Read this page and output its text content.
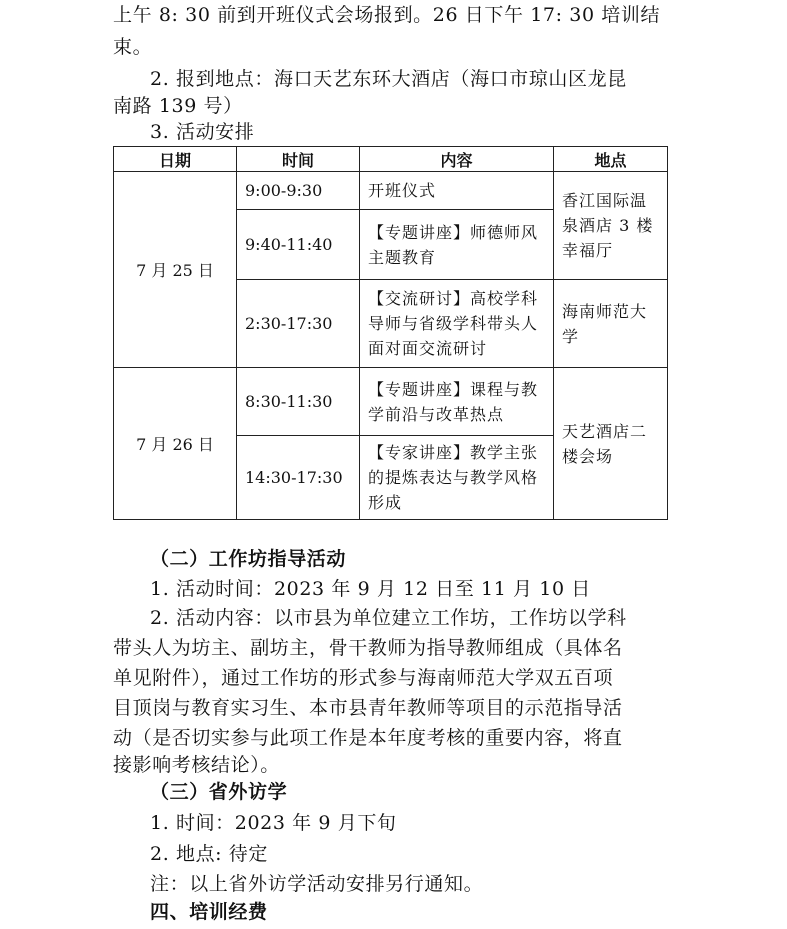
上午 8: 30 前到开班仪式会场报到。26 日下午 17: 30 培训结
束。
2. 报到地点：海口天艺东环大酒店（海口市琼山区龙昆
南路 139 号）
3. 活动安排
日期	时间	内容	地点
7 月 25 日	9:00-9:30	开班仪式	香江国际温泉酒店 3 楼幸福厅
	9:40-11:40	【专题讲座】师德师风主题教育	
	2:30-17:30	【交流研讨】高校学科导师与省级学科带头人面对面交流研讨	海南师范大学
7 月 26 日	8:30-11:30	【专题讲座】课程与教学前沿与改革热点	天艺酒店二楼会场
	14:30-17:30	【专家讲座】教学主张的提炼表达与教学风格形成	
（二）工作坊指导活动
1. 活动时间：2023 年 9 月 12 日至 11 月 10 日
2. 活动内容：以市县为单位建立工作坊，工作坊以学科
带头人为坊主、副坊主，骨干教师为指导教师组成（具体名
单见附件），通过工作坊的形式参与海南师范大学双五百项
目顶岗与教育实习生、本市县青年教师等项目的示范指导活
动（是否切实参与此项工作是本年度考核的重要内容，将直
接影响考核结论）。
（三）省外访学
1. 时间：2023 年 9 月下旬
2. 地点: 待定
注：以上省外访学活动安排另行通知。
四、培训经费
